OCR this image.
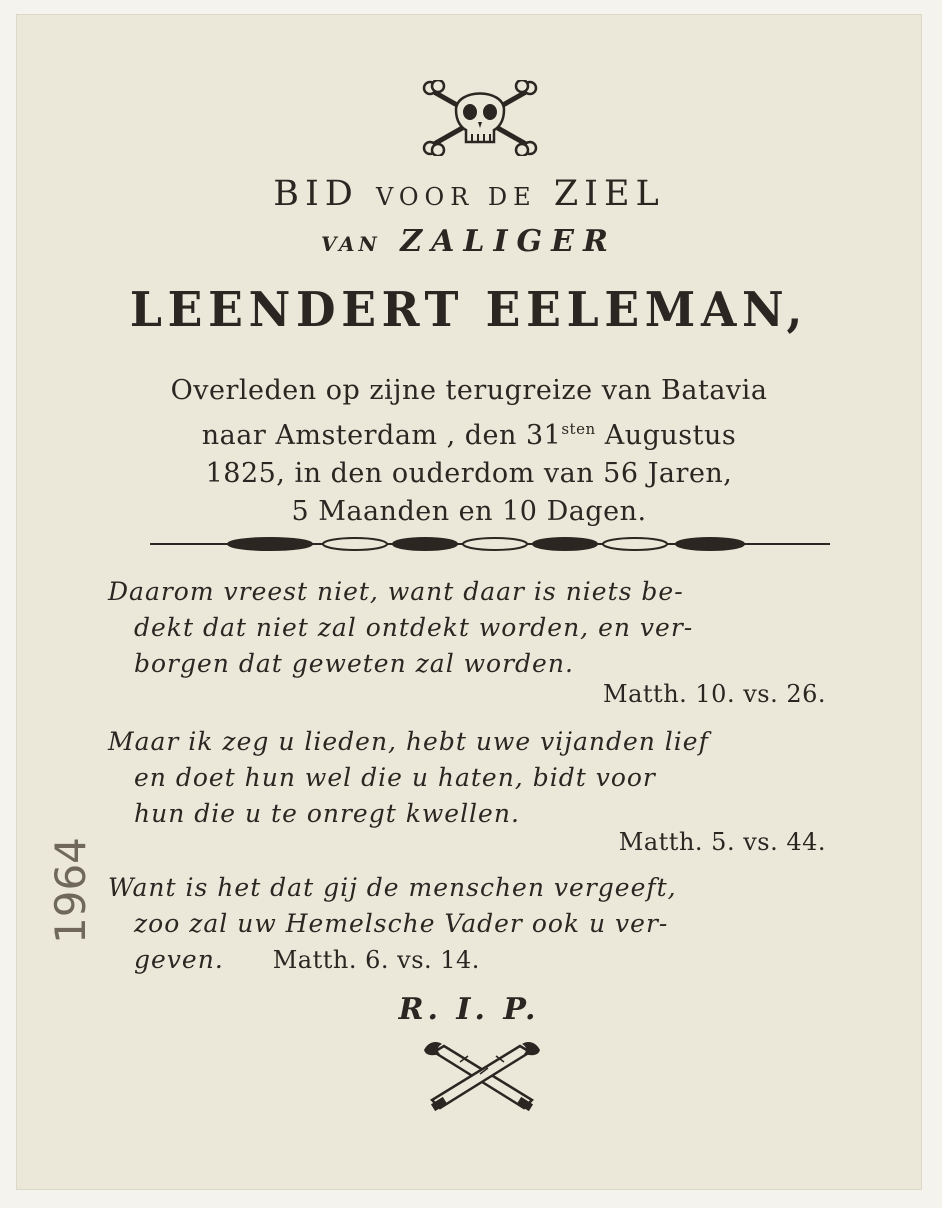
BID VOOR DE ZIEL
VAN ZALIGER
LEENDERT EELEMAN,
Overleden op zijne terugreize van Batavia
naar Amsterdam , den $31^{sten}$ Augustus
1825, in den ouderdom van 56 Jaren,
5 Maanden en 10 Dagen.
Daarom vreest niet, want daar is niets be-
dekt dat niet zal ontdekt worden, en ver-
borgen dat geweten zal worden.
Matth. 10. vs. 26.
Maar ik zeg u lieden, hebt uwe vijanden lief
en doet hun wel die u haten, bidt voor
hun die u te onregt kwellen.
Matth. 5. vs. 44.
Want is het dat gij de menschen vergeeft,
zoo zal uw Hemelsche Vader ook u ver-
geven. Matth. 6. vs. 14.
R. I. P.
1964
